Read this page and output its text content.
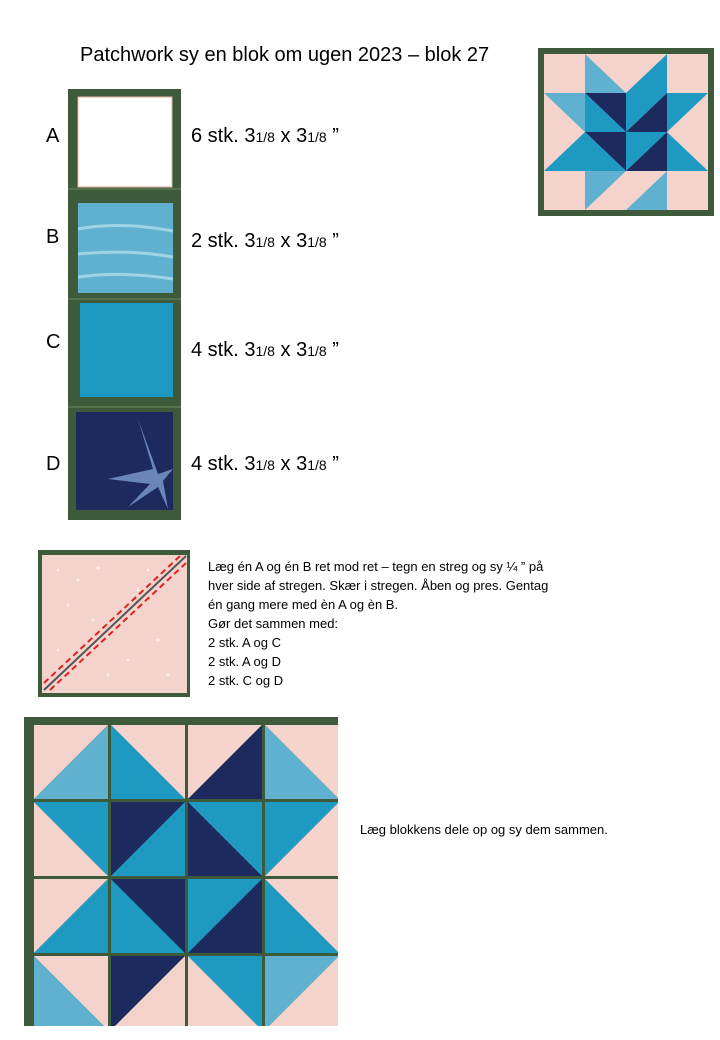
Patchwork sy en blok om ugen 2023 – blok 27
A
B
C
D
6 stk. 31/8 x 31/8 ”
2 stk. 31/8 x 31/8 ”
4 stk. 31/8 x 31/8 ”
4 stk. 31/8 x 31/8 ”
Læg én A og én B ret mod ret – tegn en streg og sy ¼ ” på
hver side af stregen. Skær i stregen. Åben og pres. Gentag
én gang mere med èn A og èn B.
Gør det sammen med:
2 stk. A og C
2 stk. A og D
2 stk. C og D
Læg blokkens dele op og sy dem sammen.
